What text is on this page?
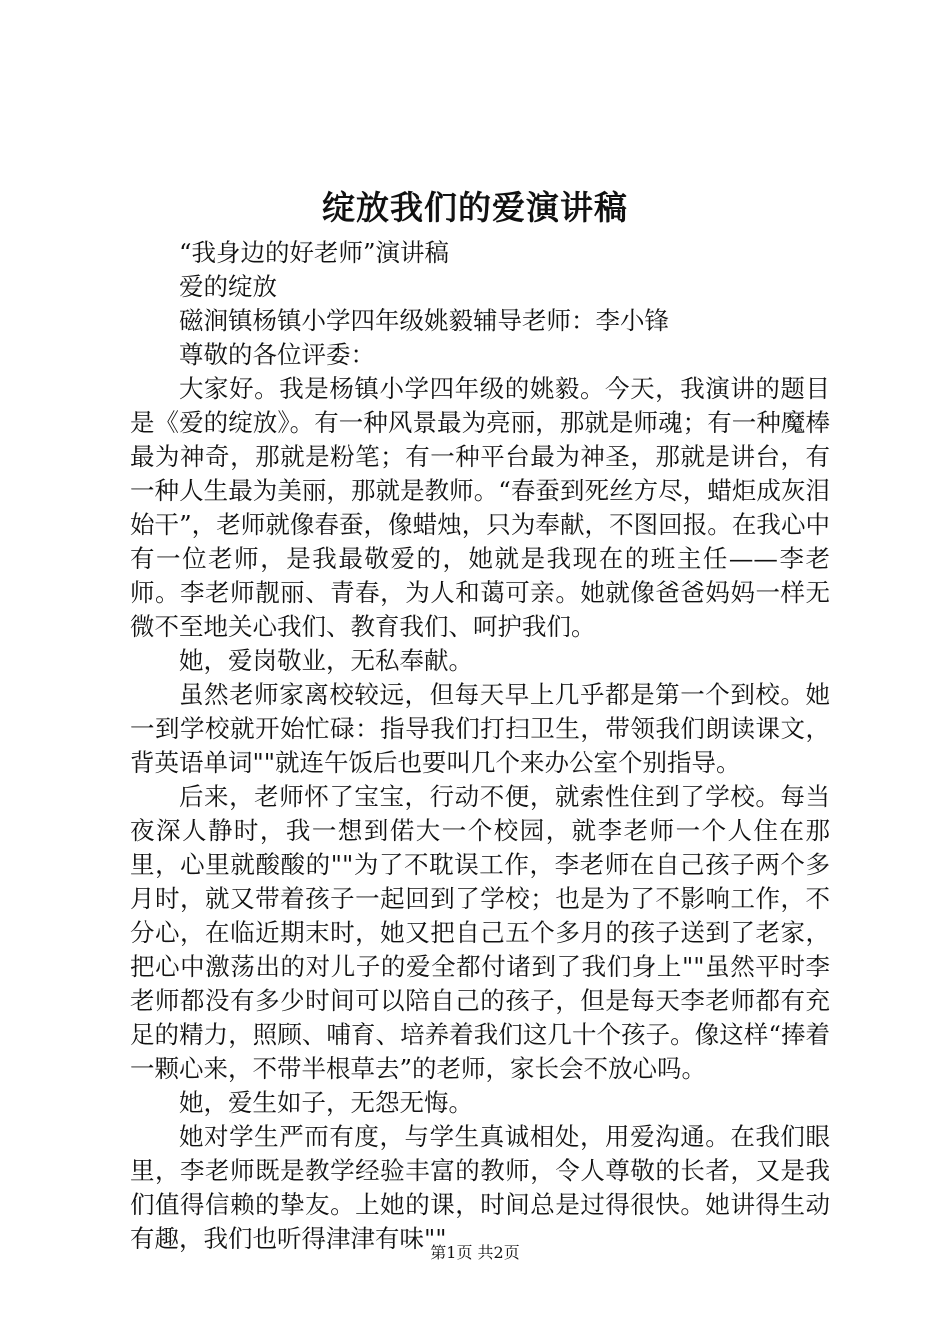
绽放我们的爱演讲稿

“我身边的好老师”演讲稿

爱的绽放

磁涧镇杨镇小学四年级姚毅辅导老师：李小锋

尊敬的各位评委：

大家好。我是杨镇小学四年级的姚毅。今天，我演讲的题目是《爱的绽放》。有一种风景最为亮丽，那就是师魂；有一种魔棒最为神奇，那就是粉笔；有一种平台最为神圣，那就是讲台，有一种人生最为美丽，那就是教师。“春蚕到死丝方尽，蜡炬成灰泪始干”，老师就像春蚕，像蜡烛，只为奉献，不图回报。在我心中有一位老师，是我最敬爱的，她就是我现在的班主任——李老师。李老师靓丽、青春，为人和蔼可亲。她就像爸爸妈妈一样无微不至地关心我们、教育我们、呵护我们。

她，爱岗敬业，无私奉献。

虽然老师家离校较远，但每天早上几乎都是第一个到校。她一到学校就开始忙碌：指导我们打扫卫生，带领我们朗读课文，背英语单词""就连午饭后也要叫几个来办公室个别指导。

后来，老师怀了宝宝，行动不便，就索性住到了学校。每当夜深人静时，我一想到偌大一个校园，就李老师一个人住在那里，心里就酸酸的""为了不耽误工作，李老师在自己孩子两个多月时，就又带着孩子一起回到了学校；也是为了不影响工作，不分心，在临近期末时，她又把自己五个多月的孩子送到了老家，把心中激荡出的对儿子的爱全都付诸到了我们身上""虽然平时李老师都没有多少时间可以陪自己的孩子，但是每天李老师都有充足的精力，照顾、哺育、培养着我们这几十个孩子。像这样“捧着一颗心来，不带半根草去”的老师，家长会不放心吗。

她，爱生如子，无怨无悔。

她对学生严而有度，与学生真诚相处，用爱沟通。在我们眼里，李老师既是教学经验丰富的教师，令人尊敬的长者，又是我们值得信赖的挚友。上她的课，时间总是过得很快。她讲得生动有趣，我们也听得津津有味""

第1页 共2页
